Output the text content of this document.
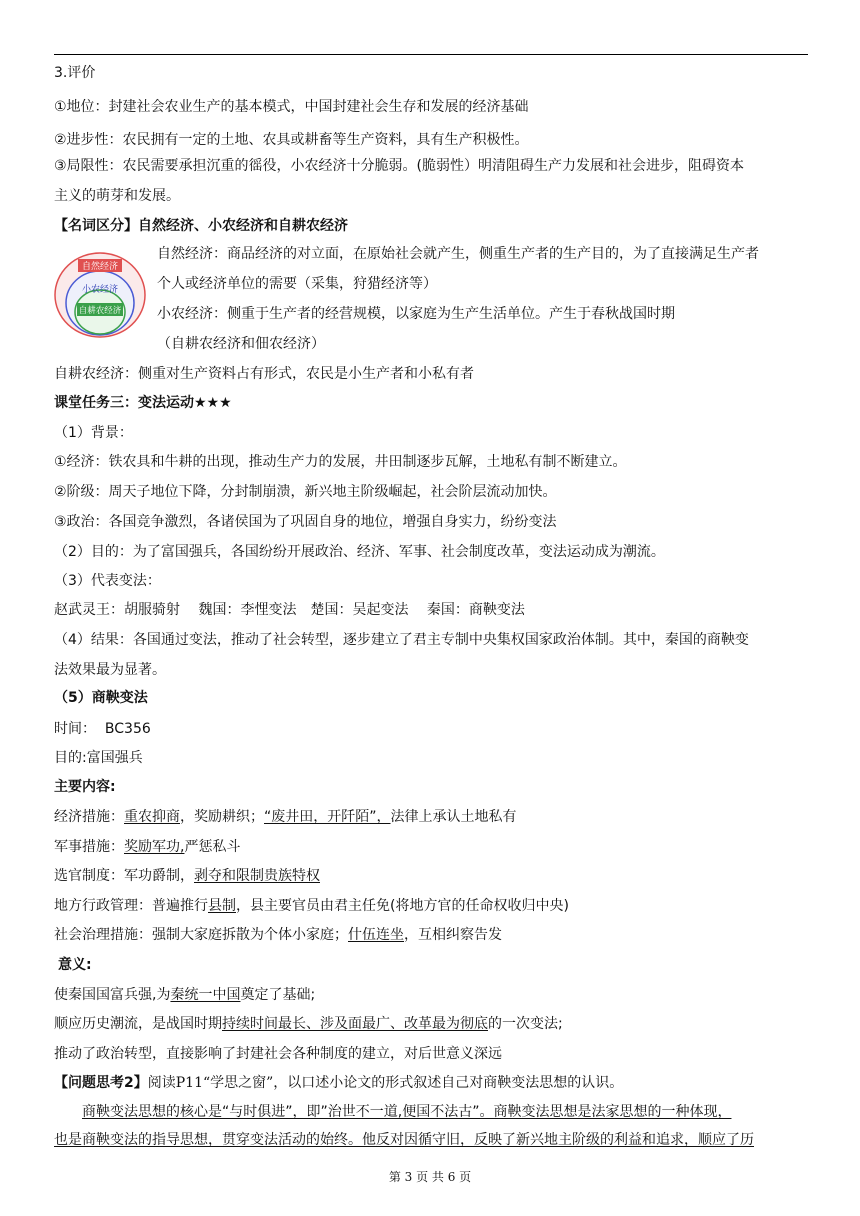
3.评价
①地位：封建社会农业生产的基本模式，中国封建社会生存和发展的经济基础
②进步性：农民拥有一定的土地、农具或耕畜等生产资料，具有生产积极性。
③局限性：农民需要承担沉重的徭役，小农经济十分脆弱。(脆弱性）明清阻碍生产力发展和社会进步，阻碍资本
主义的萌芽和发展。
【名词区分】自然经济、小农经济和自耕农经济
自然经济
小农经济
自耕农经济
自然经济：商品经济的对立面，在原始社会就产生，侧重生产者的生产目的，为了直接满足生产者
个人或经济单位的需要（采集，狩猎经济等）
小农经济：侧重于生产者的经营规模，以家庭为生产生活单位。产生于春秋战国时期
（自耕农经济和佃农经济）
自耕农经济：侧重对生产资料占有形式，农民是小生产者和小私有者
课堂任务三：变法运动★★★
（1）背景：
①经济：铁农具和牛耕的出现，推动生产力的发展，井田制逐步瓦解，土地私有制不断建立。
②阶级：周天子地位下降，分封制崩溃，新兴地主阶级崛起，社会阶层流动加快。
③政治：各国竞争激烈，各诸侯国为了巩固自身的地位，增强自身实力，纷纷变法
（2）目的：为了富国强兵，各国纷纷开展政治、经济、军事、社会制度改革，变法运动成为潮流。
（3）代表变法：
赵武灵王：胡服骑射　 魏国：李悝变法　楚国：吴起变法　 秦国：商鞅变法
（4）结果：各国通过变法，推动了社会转型，逐步建立了君主专制中央集权国家政治体制。其中，秦国的商鞅变
法效果最为显著。
（5）商鞅变法
时间：  BC356
目的:富国强兵
主要内容:
经济措施：重农抑商，奖励耕织；“废井田，开阡陌”，法律上承认土地私有
军事措施：奖励军功,严惩私斗
选官制度：军功爵制，剥夺和限制贵族特权
地方行政管理：普遍推行县制，县主要官员由君主任免(将地方官的任命权收归中央)
社会治理措施：强制大家庭拆散为个体小家庭；什伍连坐，互相纠察告发
意义:
使秦国国富兵强,为秦统一中国奠定了基础;
顺应历史潮流，是战国时期持续时间最长、涉及面最广、改革最为彻底的一次变法;
推动了政治转型，直接影响了封建社会各种制度的建立，对后世意义深远
【问题思考2】阅读P11“学思之窗”，以口述小论文的形式叙述自己对商鞅变法思想的认识。
商鞅变法思想的核心是“与时俱进”，即”治世不一道,便国不法古”。商鞅变法思想是法家思想的一种体现，
也是商鞅变法的指导思想，贯穿变法活动的始终。他反对因循守旧，反映了新兴地主阶级的利益和追求，顺应了历
第 3 页 共 6 页
